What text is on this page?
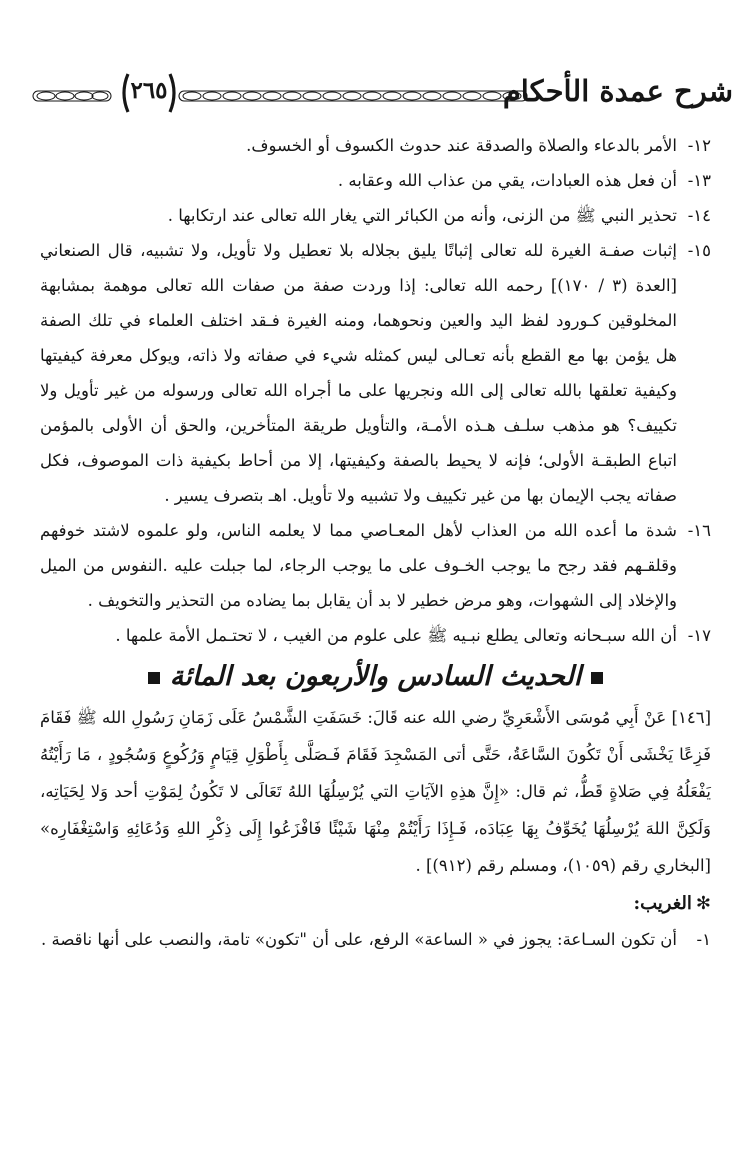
شرح عمدة الأحكام
٢٦٥
١٢-
الأمر بالدعاء والصلاة والصدقة عند حدوث الكسوف أو الخسوف.
١٣-
أن فعل هذه العبادات، يقي من عذاب الله وعقابه .
١٤-
تحذير النبي ﷺ من الزنى، وأنه من الكبائر التي يغار الله تعالى عند ارتكابها .
١٥-
إثبات صفـة الغيرة لله تعالى إثباتًا يليق بجلاله بلا تعطيل ولا تأويل، ولا تشبيه، قال الصنعاني [العدة (٣ / ١٧٠)] رحمه الله تعالى: إذا وردت صفة من صفات الله تعالى موهمة بمشابهة المخلوقين كـورود لفظ اليد والعين ونحوهما، ومنه الغيرة فـقد اختلف العلماء في تلك الصفة هل يؤمن بها مع القطع بأنه تعـالى ليس كمثله شيء في صفاته ولا ذاته، ويوكل معرفة كيفيتها وكيفية تعلقها بالله تعالى إلى الله ونجريها على ما أجراه الله تعالى ورسوله من غير تأويل ولا تكييف؟ هو مذهب سلـف هـذه الأمـة، والتأويل طريقة المتأخرين، والحق أن الأولى بالمؤمن اتباع الطبقـة الأولى؛ فإنه لا يحيط بالصفة وكيفيتها، إلا من أحاط بكيفية ذات الموصوف، فكل صفاته يجب الإيمان بها من غير تكييف ولا تشبيه ولا تأويل. اهـ بتصرف يسير .
١٦-
شدة ما أعده الله من العذاب لأهل المعـاصي مما لا يعلمه الناس، ولو علموه لاشتد خوفهم وقلقـهم فقد رجح ما يوجب الخـوف على ما يوجب الرجاء، لما جبلت عليه .النفوس من الميل والإخلاد إلى الشهوات، وهو مرض خطير لا بد أن يقابل بما يضاده من التحذير والتخويف .
١٧-
أن الله سبـحانه وتعالى يطلع نبـيه ﷺ على علوم من الغيب ، لا تحتـمل الأمة علمها .
الحديث السادس والأربعون بعد المائة
[١٤٦] عَنْ أَبِي مُوسَى الأَشْعَرِيِّ رضي الله عنه قَالَ: خَسَفَتِ الشَّمْسُ عَلَى زَمَانِ رَسُولِ الله ﷺ فَقَامَ فَزِعًا يَخْشَى أَنْ تَكُونَ السَّاعَةُ، حَتَّى أتى المَسْجِدَ فَقَامَ فَـصَلَّى بِأَطْوَلِ قِيَامٍ وَرُكُوعٍ وَسُجُودٍ ، مَا رَأَيْتُهُ يَفْعَلُهُ فِي صَلاةٍ قَطُّ، ثم قال: «إِنَّ هذِهِ الآيَاتِ التي يُرْسِلُهَا اللهُ تَعَالَى لا تَكُونُ لِمَوْتِ أحد وَلا لِحَيَاتِه، وَلَكِنَّ اللهَ يُرْسِلُهَا يُخَوِّفُ بِهَا عِبَادَه، فَـإِذَا رَأَيْتُمْ مِنْهَا شَيْئًا فَافْزَعُوا إِلَى ذِكْرِ اللهِ وَدُعَائِهِ وَاسْتِغْفَارِه» [البخاري رقم (١٠٥٩)، ومسلم رقم (٩١٢)] .
✻الغريب:
١-
أن تكون السـاعة: يجوز في « الساعة» الرفع، على أن "تكون» تامة، والنصب على أنها ناقصة .
